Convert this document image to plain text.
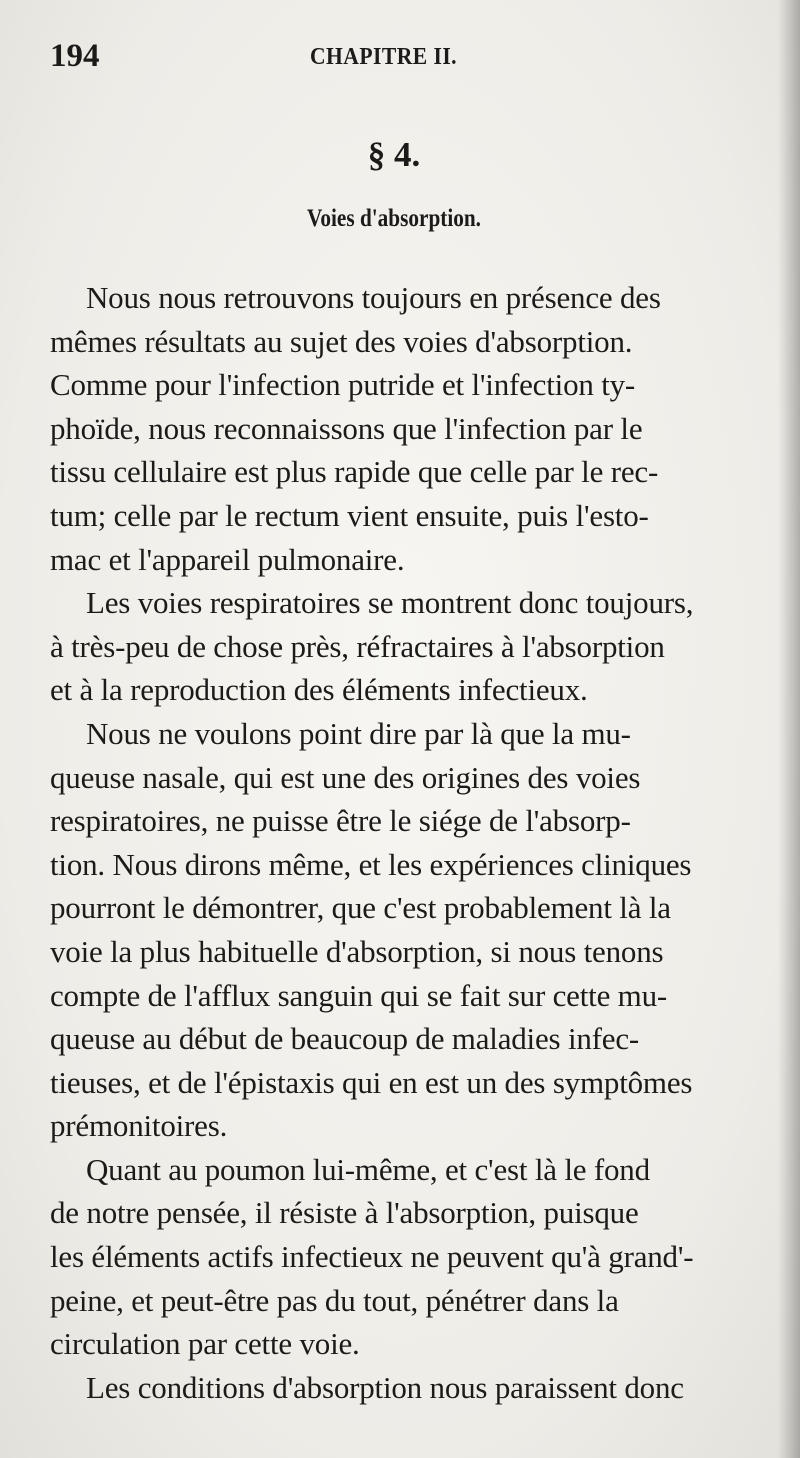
194	CHAPITRE II.
§ 4.
Voies d'absorption.

Nous nous retrouvons toujours en présence des
mêmes résultats au sujet des voies d'absorption.
Comme pour l'infection putride et l'infection ty-
phoïde, nous reconnaissons que l'infection par le
tissu cellulaire est plus rapide que celle par le rec-
tum; celle par le rectum vient ensuite, puis l'esto-
mac et l'appareil pulmonaire.

Les voies respiratoires se montrent donc toujours,
à très-peu de chose près, réfractaires à l'absorption
et à la reproduction des éléments infectieux.

Nous ne voulons point dire par là que la mu-
queuse nasale, qui est une des origines des voies
respiratoires, ne puisse être le siége de l'absorp-
tion. Nous dirons même, et les expériences cliniques
pourront le démontrer, que c'est probablement là la
voie la plus habituelle d'absorption, si nous tenons
compte de l'afflux sanguin qui se fait sur cette mu-
queuse au début de beaucoup de maladies infec-
tieuses, et de l'épistaxis qui en est un des symptômes
prémonitoires.

Quant au poumon lui-même, et c'est là le fond
de notre pensée, il résiste à l'absorption, puisque
les éléments actifs infectieux ne peuvent qu'à grand'-
peine, et peut-être pas du tout, pénétrer dans la
circulation par cette voie.

Les conditions d'absorption nous paraissent donc
